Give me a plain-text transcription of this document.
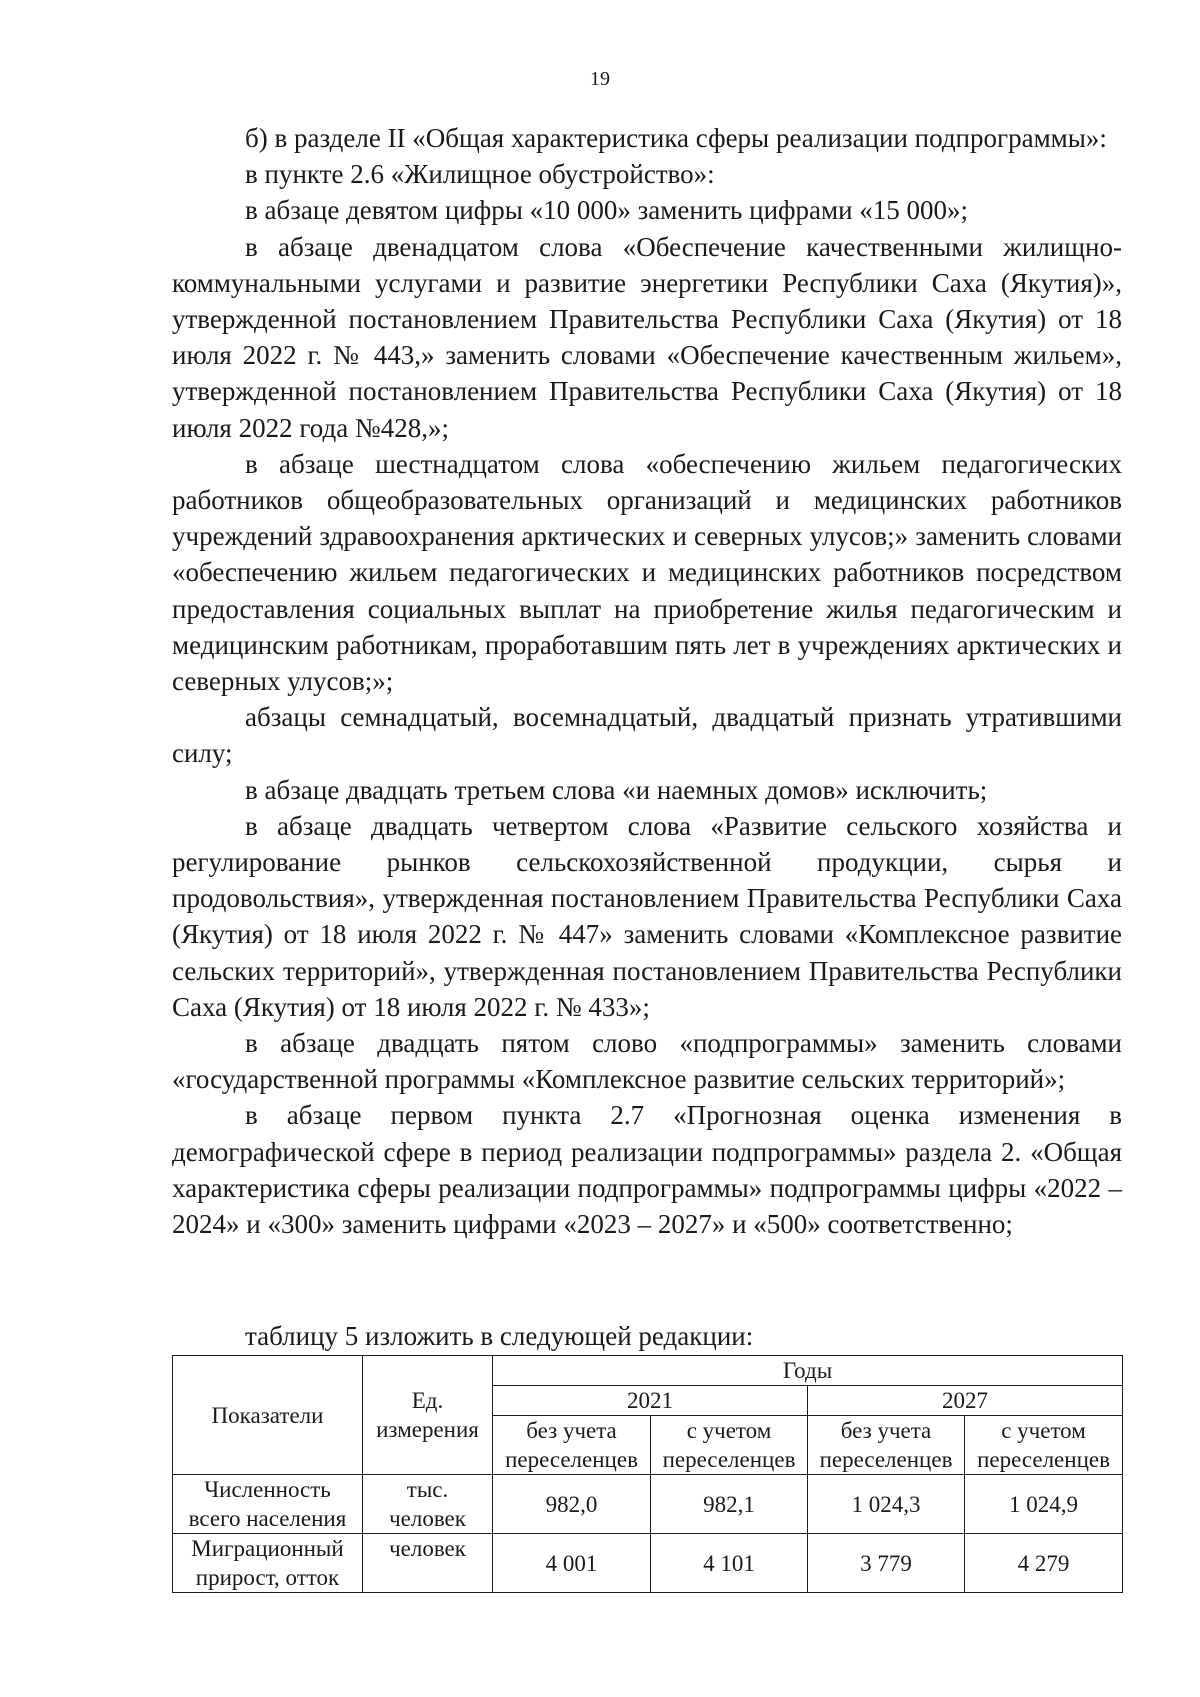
19

б) в разделе II «Общая характеристика сферы реализации подпрограммы»:

в пункте 2.6 «Жилищное обустройство»:

в абзаце девятом цифры «10 000» заменить цифрами «15 000»;

в абзаце двенадцатом слова «Обеспечение качественными жилищно-коммунальными услугами и развитие энергетики Республики Саха (Якутия)», утвержденной постановлением Правительства Республики Саха (Якутия) от 18 июля 2022 г. № 443,» заменить словами «Обеспечение качественным жильем», утвержденной постановлением Правительства Республики Саха (Якутия) от 18 июля 2022 года №428,»;

в абзаце шестнадцатом слова «обеспечению жильем педагогических работников общеобразовательных организаций и медицинских работников учреждений здравоохранения арктических и северных улусов;» заменить словами «обеспечению жильем педагогических и медицинских работников посредством предоставления социальных выплат на приобретение жилья педагогическим и медицинским работникам, проработавшим пять лет в учреждениях арктических и северных улусов;»;

абзацы семнадцатый, восемнадцатый, двадцатый признать утратившими силу;

в абзаце двадцать третьем слова «и наемных домов» исключить;

в абзаце двадцать четвертом слова «Развитие сельского хозяйства и регулирование рынков сельскохозяйственной продукции, сырья и продовольствия», утвержденная постановлением Правительства Республики Саха (Якутия) от 18 июля 2022 г. № 447» заменить словами «Комплексное развитие сельских территорий», утвержденная постановлением Правительства Республики Саха (Якутия) от 18 июля 2022 г. № 433»;

в абзаце двадцать пятом слово «подпрограммы» заменить словами «государственной программы «Комплексное развитие сельских территорий»;

в абзаце первом пункта 2.7 «Прогнозная оценка изменения в демографической сфере в период реализации подпрограммы» раздела 2. «Общая характеристика сферы реализации подпрограммы» подпрограммы цифры «2022 – 2024» и «300» заменить цифрами «2023 – 2027» и «500» соответственно;

таблицу 5 изложить в следующей редакции:
Показатели	Ед. измерения	Годы			
		2021		2027	
		без учета переселенцев	с учетом переселенцев	без учета переселенцев	с учетом переселенцев
Численность всего населения	тыс. человек	982,0	982,1	1 024,3	1 024,9
Миграционный прирост, отток	человек	4 001	4 101	3 779	4 279
